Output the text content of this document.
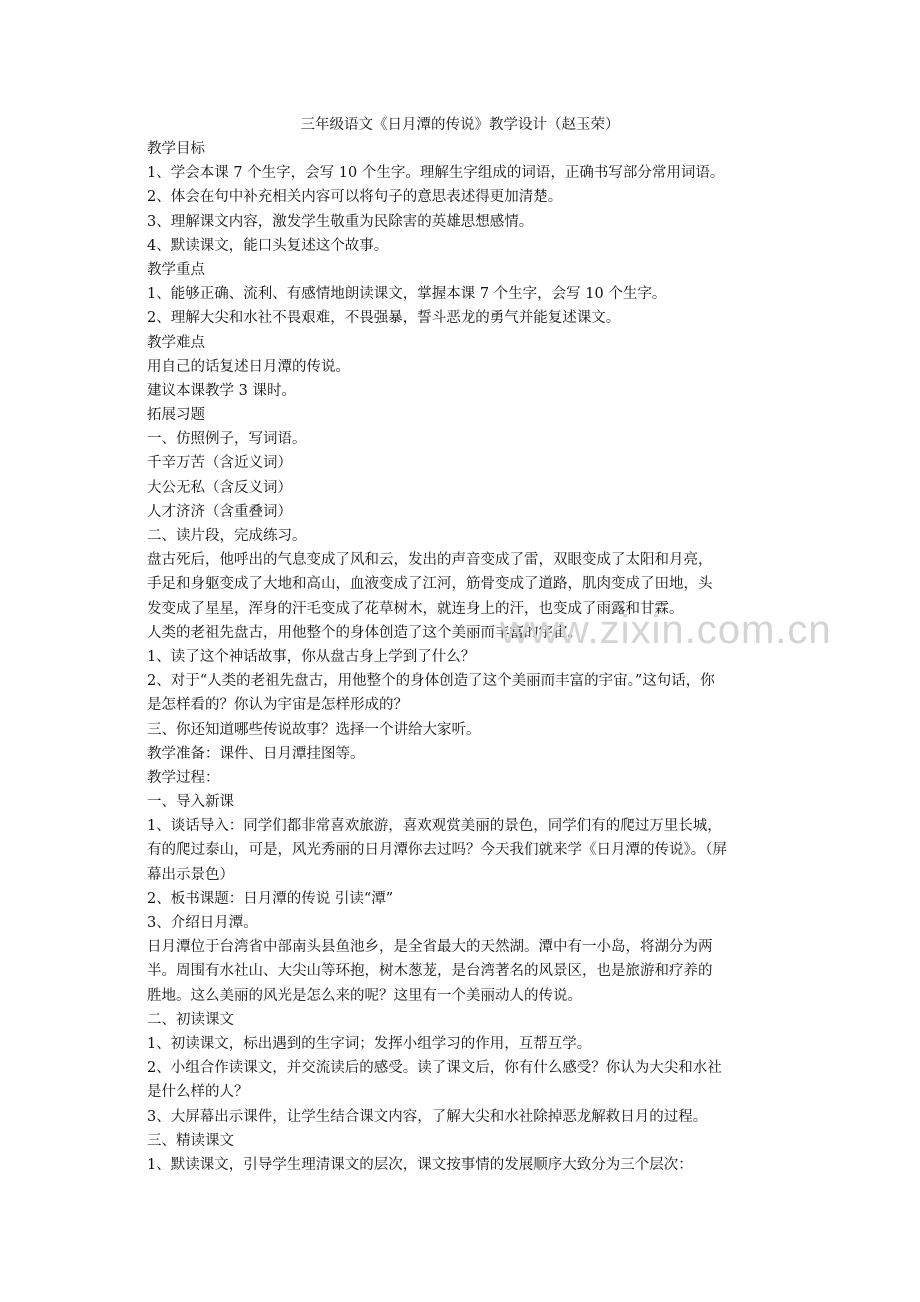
三年级语文《日月潭的传说》教学设计（赵玉荣）
教学目标
1、学会本课 7 个生字，会写 10 个生字。理解生字组成的词语，正确书写部分常用词语。
2、体会在句中补充相关内容可以将句子的意思表述得更加清楚。
3、理解课文内容，激发学生敬重为民除害的英雄思想感情。
4、默读课文，能口头复述这个故事。
教学重点
1、能够正确、流利、有感情地朗读课文，掌握本课 7 个生字，会写 10 个生字。
2、理解大尖和水社不畏艰难，不畏强暴，誓斗恶龙的勇气并能复述课文。
教学难点
用自己的话复述日月潭的传说。
建议本课教学 3 课时。
拓展习题
一、仿照例子，写词语。
千辛万苦（含近义词）
大公无私（含反义词）
人才济济（含重叠词）
二、读片段，完成练习。
盘古死后，他呼出的气息变成了风和云，发出的声音变成了雷，双眼变成了太阳和月亮，
手足和身躯变成了大地和高山，血液变成了江河，筋骨变成了道路，肌肉变成了田地，头
发变成了星星，浑身的汗毛变成了花草树木，就连身上的汗，也变成了雨露和甘霖。
人类的老祖先盘古，用他整个的身体创造了这个美丽而丰富的宇宙。
1、读了这个神话故事，你从盘古身上学到了什么？
2、对于“人类的老祖先盘古，用他整个的身体创造了这个美丽而丰富的宇宙。”这句话，你
是怎样看的？你认为宇宙是怎样形成的？
三、你还知道哪些传说故事？选择一个讲给大家听。
教学准备：课件、日月潭挂图等。
教学过程：
一、导入新课
1、谈话导入：同学们都非常喜欢旅游，喜欢观赏美丽的景色，同学们有的爬过万里长城，
有的爬过泰山，可是，风光秀丽的日月潭你去过吗？今天我们就来学《日月潭的传说》。（屏
幕出示景色）
2、板书课题：日月潭的传说 引读“潭”
3、介绍日月潭。
日月潭位于台湾省中部南头县鱼池乡，是全省最大的天然湖。潭中有一小岛，将湖分为两
半。周围有水社山、大尖山等环抱，树木葱茏，是台湾著名的风景区，也是旅游和疗养的
胜地。这么美丽的风光是怎么来的呢？这里有一个美丽动人的传说。
二、初读课文
1、初读课文，标出遇到的生字词；发挥小组学习的作用，互帮互学。
2、小组合作读课文，并交流读后的感受。读了课文后，你有什么感受？你认为大尖和水社
是什么样的人？
3、大屏幕出示课件，让学生结合课文内容，了解大尖和水社除掉恶龙解救日月的过程。
三、精读课文
1、默读课文，引导学生理清课文的层次，课文按事情的发展顺序大致分为三个层次：
www.zixin.com.cn
